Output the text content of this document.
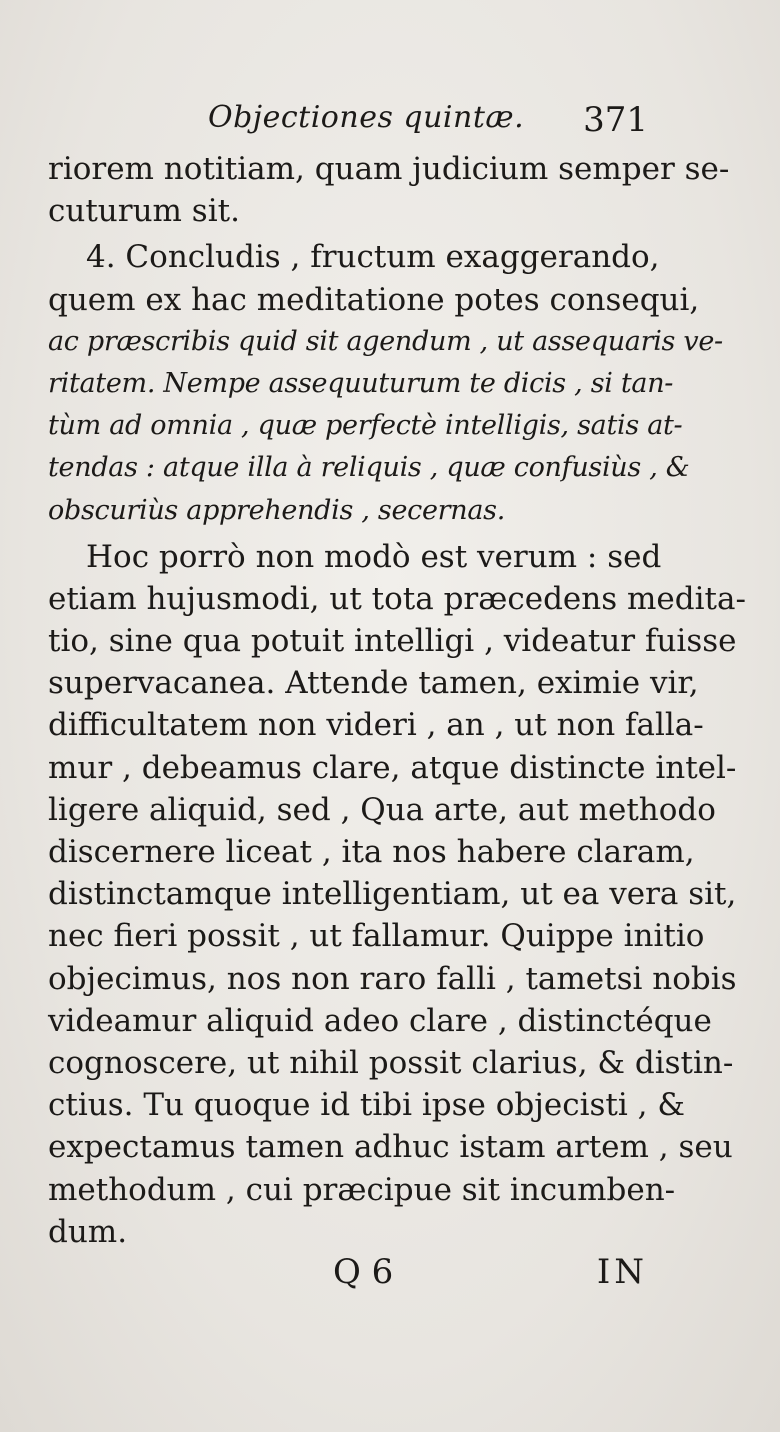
Objectiones quintæ. 371
riorem notitiam, quam judicium semper se-
cuturum sit.
4. Concludis , fructum exaggerando,
quem ex hac meditatione potes consequi,
ac præscribis quid sit agendum , ut assequaris ve-
ritatem. Nempe assequuturum te dicis , si tan-
tùm ad omnia , quæ perfectè intelligis, satis at-
tendas : atque illa à reliquis , quæ confusiùs , &
obscuriùs apprehendis , secernas.
Hoc porrò non modò est verum : sed
etiam hujusmodi, ut tota præcedens medita-
tio, sine qua potuit intelligi , videatur fuisse
supervacanea. Attende tamen, eximie vir,
difficultatem non videri , an , ut non falla-
mur , debeamus clare, atque distincte intel-
ligere aliquid, sed , Qua arte, aut methodo
discernere liceat , ita nos habere claram,
distinctamque intelligentiam, ut ea vera sit,
nec fieri possit , ut fallamur. Quippe initio
objecimus, nos non raro falli , tametsi nobis
videamur aliquid adeo clare , distinctéque
cognoscere, ut nihil possit clarius, & distin-
ctius. Tu quoque id tibi ipse objecisti , &
expectamus tamen adhuc istam artem , seu
methodum , cui præcipue sit incumben-
dum.
Q 6	IN
